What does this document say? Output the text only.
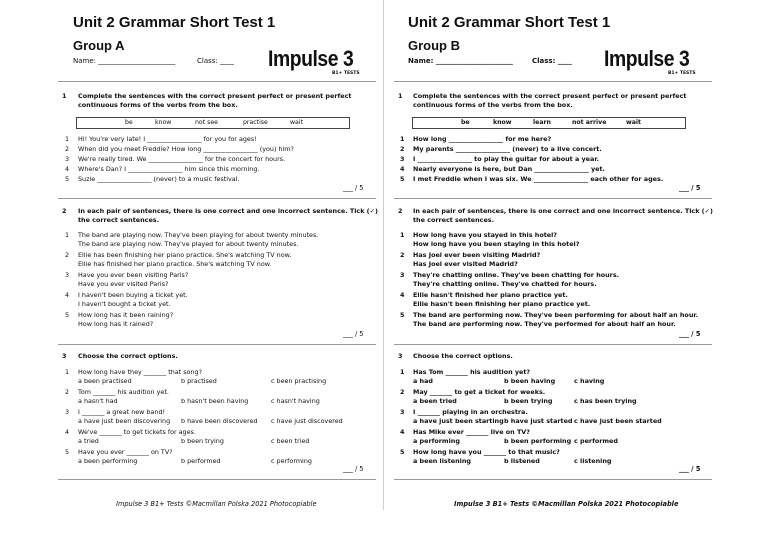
Unit 2 Grammar Short Test 1
Group A
Name: ______________________	Class: ____ Impulse 3
B1+ TESTS
1 Complete the sentences with the correct present perfect or present perfect
continuous forms of the verbs from the box.
be	know	not see	practise	wait
1 Hi! You're very late! I _________________ for you for ages!
2 When did you meet Freddie? How long _________________ (you) him?
3 We're really tired. We _________________ for the concert for hours.
4 Where's Dan? I _________________ him since this morning.
5 Suzie _________________ (never) to a music festival.
___ / 5
2 In each pair of sentences, there is one correct and one incorrect sentence. Tick (✓)
the correct sentences.
1 The band are playing now. They've been playing for about twenty minutes.
The band are playing now. They've played for about twenty minutes.
2 Ellie has been finishing her piano practice. She's watching TV now.
Ellie has finished her piano practice. She's watching TV now.
3 Have you ever been visiting Paris?
Have you ever visited Paris?
4 I haven't been buying a ticket yet.
I haven't bought a ticket yet.
5 How long has it been raining?
How long has it rained?
___ / 5
3 Choose the correct options.
1 How long have they _______ that song?
a been practised	b practised	c been practising
2 Tom _______ his audition yet.
a hasn't had	b hasn't been having	c hasn't having
3 I _______ a great new band!
a have just been discovering b have been discovered c have just discovered
4 We've _______ to get tickets for ages.
a tried	b been trying	c been tried
5 Have you ever _______ on TV?
a been performing	b performed	c performing
___ / 5
Impulse 3 B1+ Tests ©Macmillan Polska 2021 Photocopiable
Unit 2 Grammar Short Test 1
Group B
Name: ______________________	Class: ____ Impulse 3
B1+ TESTS
1 Complete the sentences with the correct present perfect or present perfect
continuous forms of the verbs from the box.
be	know	learn	not arrive	wait
1 How long _________________ for me here?
2 My parents _________________ (never) to a live concert.
3 I _________________ to play the guitar for about a year.
4 Nearly everyone is here, but Dan _________________ yet.
5 I met Freddie when I was six. We _________________ each other for ages.
___ / 5
2 In each pair of sentences, there is one correct and one incorrect sentence. Tick (✓)
the correct sentences.
1 How long have you stayed in this hotel?
How long have you been staying in this hotel?
2 Has Joel ever been visiting Madrid?
Has Joel ever visited Madrid?
3 They're chatting online. They've been chatting for hours.
They're chatting online. They've chatted for hours.
4 Ellie hasn't finished her piano practice yet.
Ellie hasn't been finishing her piano practice yet.
5 The band are performing now. They've been performing for about half an hour.
The band are performing now. They've performed for about half an hour.
___ / 5
3 Choose the correct options.
1 Has Tom _______ his audition yet?
a had	b been having	c having
2 May _______ to get a ticket for weeks.
a been tried	b been trying	c has been trying
3 I _______ playing in an orchestra.
a have just been starting b have just started c have just been started
4 Has Mike ever _______ live on TV?
a performing	b been performing c performed
5 How long have you _______ to that music?
a been listening	b listened	c listening
___ / 5
Impulse 3 B1+ Tests ©Macmillan Polska 2021 Photocopiable
